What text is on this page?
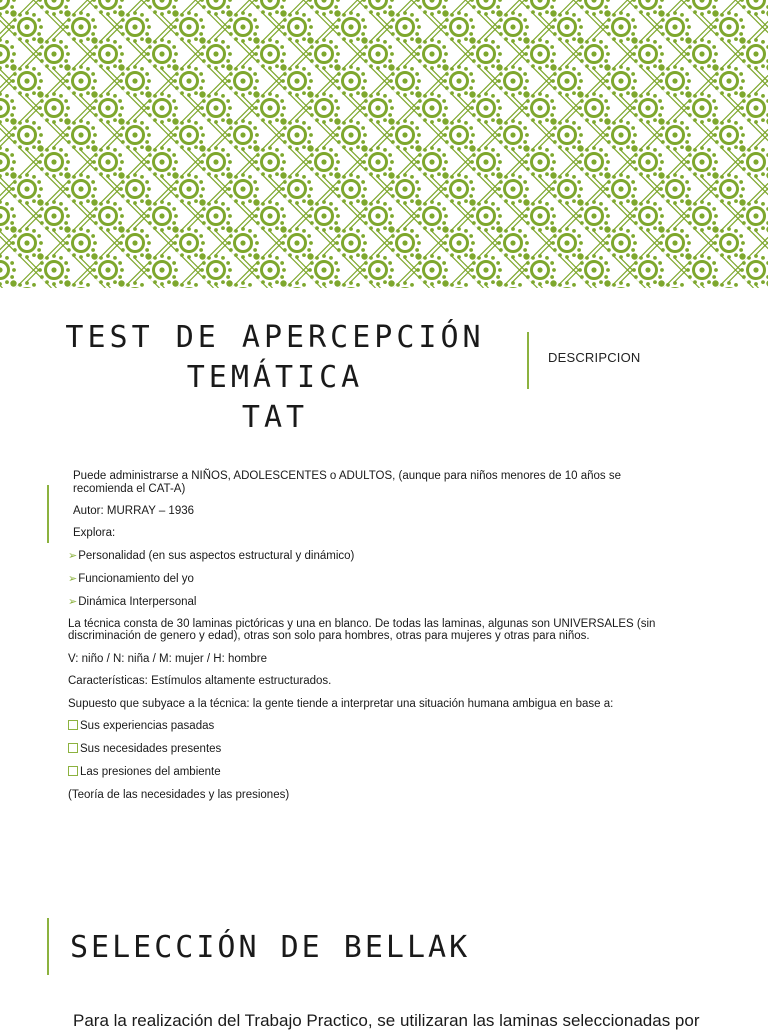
TEST DE APERCEPCIÓN TEMÁTICA
TAT
DESCRIPCION
Puede administrarse a NIÑOS, ADOLESCENTES o ADULTOS, (aunque para niños menores de 10 años se
recomienda el CAT-A)
Autor: MURRAY – 1936
Explora:
➢Personalidad (en sus aspectos estructural y dinámico)
➢Funcionamiento del yo
➢Dinámica Interpersonal
La técnica consta de 30 laminas pictóricas y una en blanco. De todas las laminas, algunas son UNIVERSALES (sin
discriminación de genero y edad), otras son solo para hombres, otras para mujeres y otras para niños.
V: niño / N: niña / M: mujer / H: hombre
Características: Estímulos altamente estructurados.
Supuesto que subyace a la técnica: la gente tiende a interpretar una situación humana ambigua en base a:
Sus experiencias pasadas
Sus necesidades presentes
Las presiones del ambiente
(Teoría de las necesidades y las presiones)
SELECCIÓN DE BELLAK
Para la realización del Trabajo Practico, se utilizaran las laminas seleccionadas por
